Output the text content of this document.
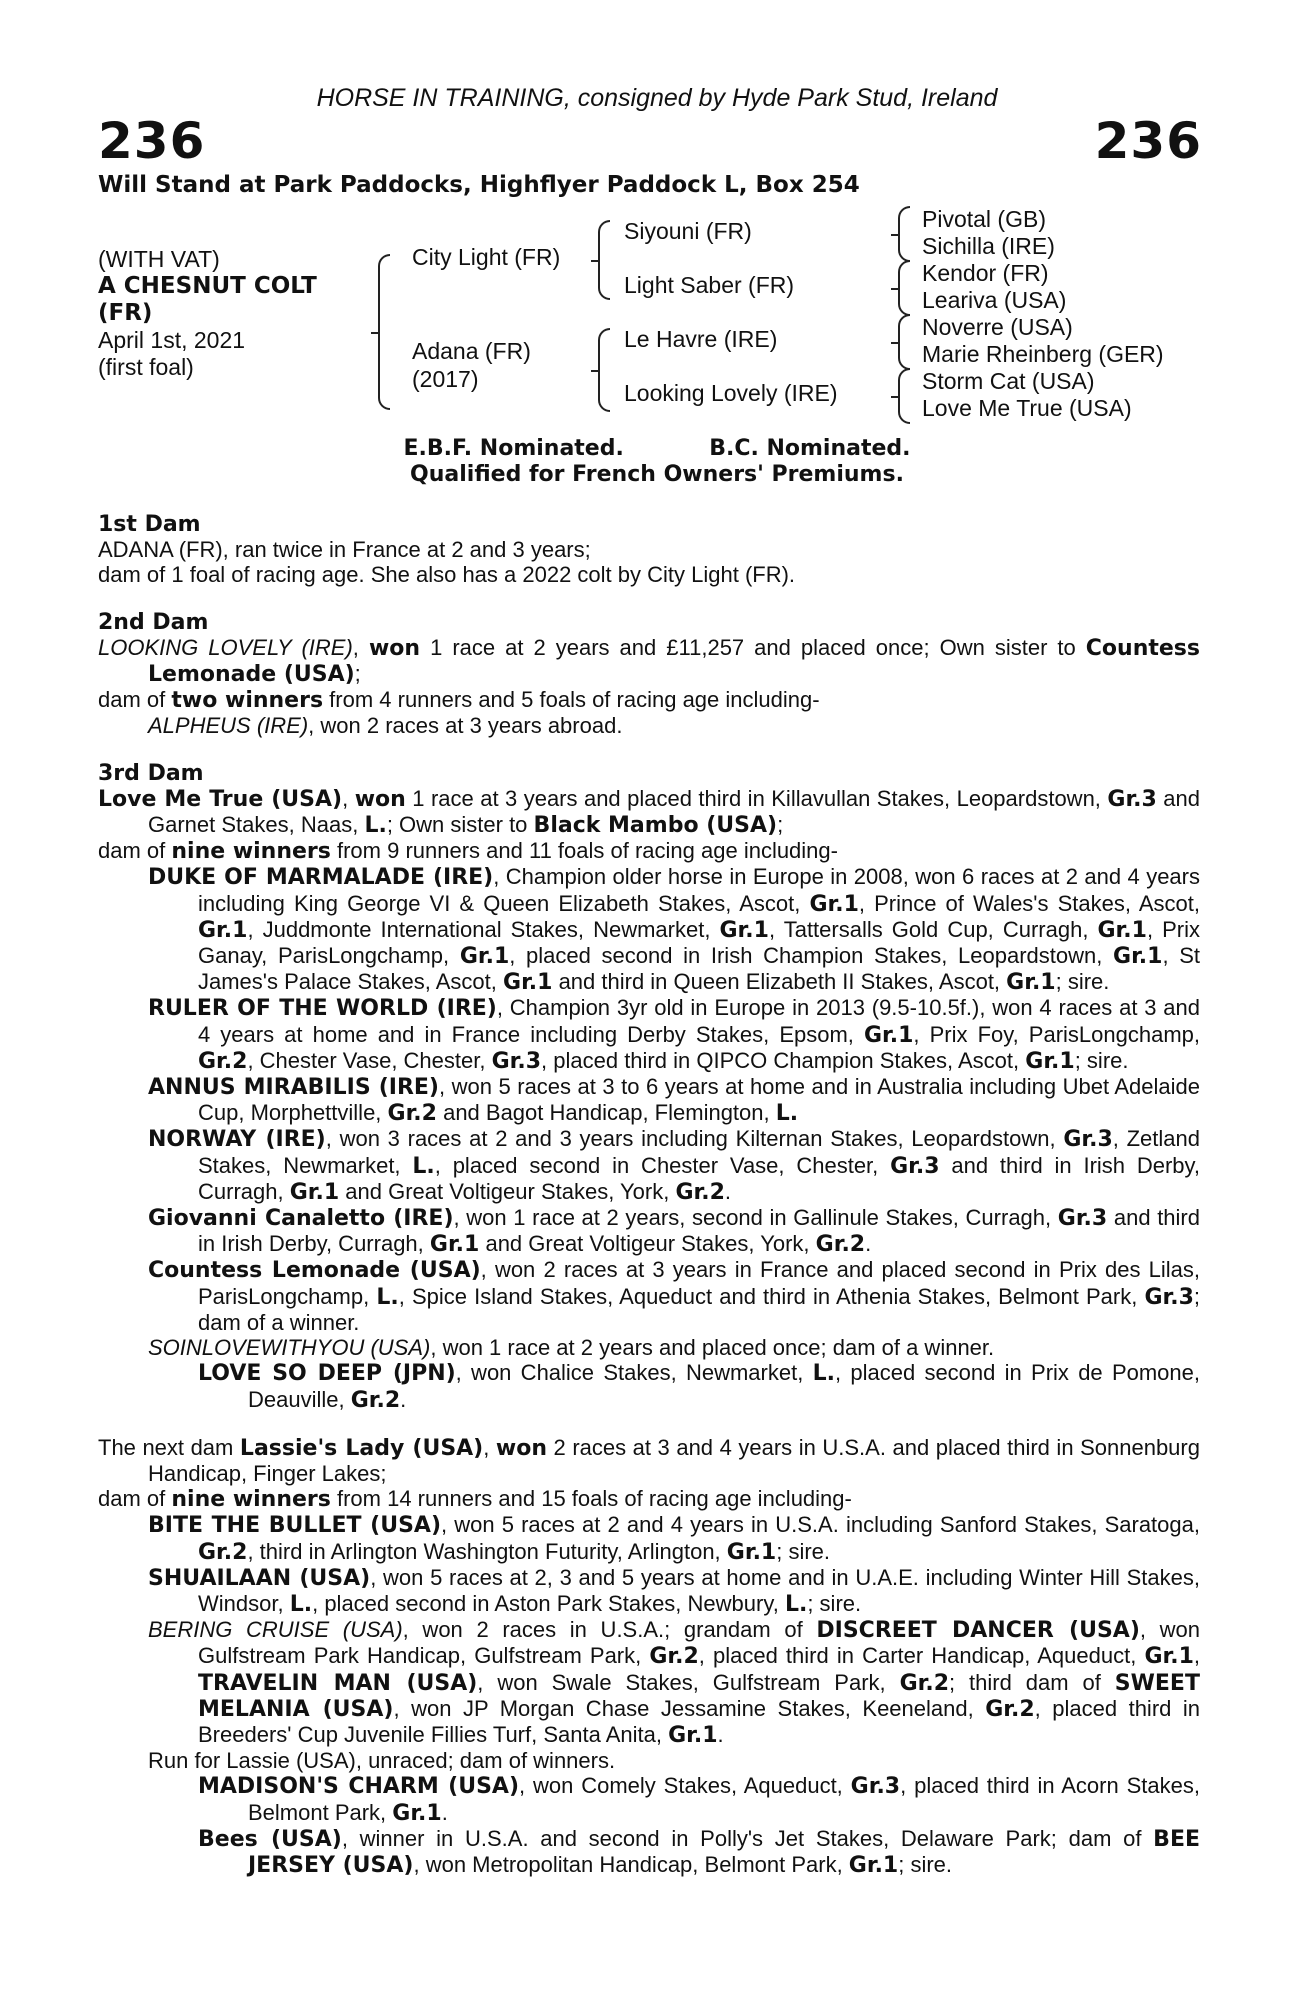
HORSE IN TRAINING, consigned by Hyde Park Stud, Ireland
236	236
Will Stand at Park Paddocks, Highflyer Paddock L, Box 254
(WITH VAT)
A CHESNUT COLT
(FR)
April 1st, 2021
(first foal)
City Light (FR)
Adana (FR)
(2017)
Siyouni (FR)
Light Saber (FR)
Le Havre (IRE)
Looking Lovely (IRE)
Pivotal (GB)
Sichilla (IRE)
Kendor (FR)
Leariva (USA)
Noverre (USA)
Marie Rheinberg (GER)
Storm Cat (USA)
Love Me True (USA)
E.B.F. Nominated.	B.C. Nominated.
Qualified for French Owners' Premiums.
1st Dam

ADANA (FR), ran twice in France at 2 and 3 years;

dam of 1 foal of racing age. She also has a 2022 colt by City Light (FR).

2nd Dam

LOOKING LOVELY (IRE), won 1 race at 2 years and £11,257 and placed once; Own sister to Countess Lemonade (USA);

dam of two winners from 4 runners and 5 foals of racing age including-

ALPHEUS (IRE), won 2 races at 3 years abroad.

3rd Dam

Love Me True (USA), won 1 race at 3 years and placed third in Killavullan Stakes, Leopardstown, Gr.3 and Garnet Stakes, Naas, L.; Own sister to Black Mambo (USA);

dam of nine winners from 9 runners and 11 foals of racing age including-

DUKE OF MARMALADE (IRE), Champion older horse in Europe in 2008, won 6 races at 2 and 4 years including King George VI & Queen Elizabeth Stakes, Ascot, Gr.1, Prince of Wales's Stakes, Ascot, Gr.1, Juddmonte International Stakes, Newmarket, Gr.1, Tattersalls Gold Cup, Curragh, Gr.1, Prix Ganay, ParisLongchamp, Gr.1, placed second in Irish Champion Stakes, Leopardstown, Gr.1, St James's Palace Stakes, Ascot, Gr.1 and third in Queen Elizabeth II Stakes, Ascot, Gr.1; sire.

RULER OF THE WORLD (IRE), Champion 3yr old in Europe in 2013 (9.5-10.5f.), won 4 races at 3 and 4 years at home and in France including Derby Stakes, Epsom, Gr.1, Prix Foy, ParisLongchamp, Gr.2, Chester Vase, Chester, Gr.3, placed third in QIPCO Champion Stakes, Ascot, Gr.1; sire.

ANNUS MIRABILIS (IRE), won 5 races at 3 to 6 years at home and in Australia including Ubet Adelaide Cup, Morphettville, Gr.2 and Bagot Handicap, Flemington, L.

NORWAY (IRE), won 3 races at 2 and 3 years including Kilternan Stakes, Leopardstown, Gr.3, Zetland Stakes, Newmarket, L., placed second in Chester Vase, Chester, Gr.3 and third in Irish Derby, Curragh, Gr.1 and Great Voltigeur Stakes, York, Gr.2.

Giovanni Canaletto (IRE), won 1 race at 2 years, second in Gallinule Stakes, Curragh, Gr.3 and third in Irish Derby, Curragh, Gr.1 and Great Voltigeur Stakes, York, Gr.2.

Countess Lemonade (USA), won 2 races at 3 years in France and placed second in Prix des Lilas, ParisLongchamp, L., Spice Island Stakes, Aqueduct and third in Athenia Stakes, Belmont Park, Gr.3; dam of a winner.

SOINLOVEWITHYOU (USA), won 1 race at 2 years and placed once; dam of a winner.

LOVE SO DEEP (JPN), won Chalice Stakes, Newmarket, L., placed second in Prix de Pomone, Deauville, Gr.2.

The next dam Lassie's Lady (USA), won 2 races at 3 and 4 years in U.S.A. and placed third in Sonnenburg Handicap, Finger Lakes;

dam of nine winners from 14 runners and 15 foals of racing age including-

BITE THE BULLET (USA), won 5 races at 2 and 4 years in U.S.A. including Sanford Stakes, Saratoga, Gr.2, third in Arlington Washington Futurity, Arlington, Gr.1; sire.

SHUAILAAN (USA), won 5 races at 2, 3 and 5 years at home and in U.A.E. including Winter Hill Stakes, Windsor, L., placed second in Aston Park Stakes, Newbury, L.; sire.

BERING CRUISE (USA), won 2 races in U.S.A.; grandam of DISCREET DANCER (USA), won Gulfstream Park Handicap, Gulfstream Park, Gr.2, placed third in Carter Handicap, Aqueduct, Gr.1, TRAVELIN MAN (USA), won Swale Stakes, Gulfstream Park, Gr.2; third dam of SWEET MELANIA (USA), won JP Morgan Chase Jessamine Stakes, Keeneland, Gr.2, placed third in Breeders' Cup Juvenile Fillies Turf, Santa Anita, Gr.1.

Run for Lassie (USA), unraced; dam of winners.

MADISON'S CHARM (USA), won Comely Stakes, Aqueduct, Gr.3, placed third in Acorn Stakes, Belmont Park, Gr.1.

Bees (USA), winner in U.S.A. and second in Polly's Jet Stakes, Delaware Park; dam of BEE JERSEY (USA), won Metropolitan Handicap, Belmont Park, Gr.1; sire.
